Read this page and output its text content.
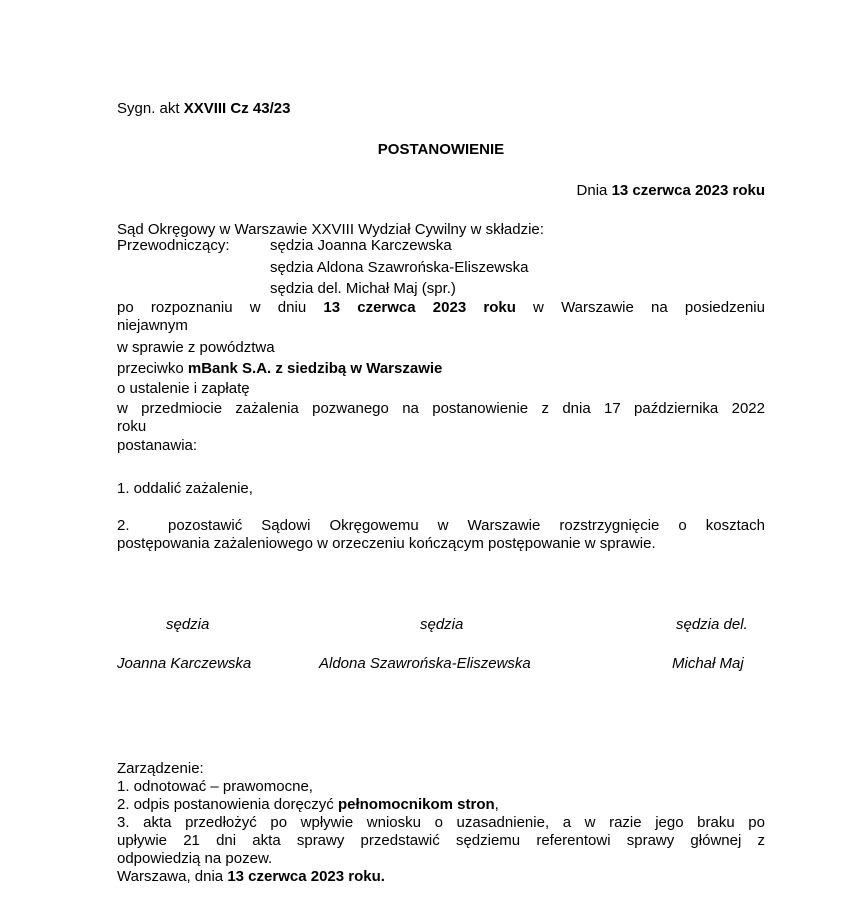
Sygn. akt XXVIII Cz 43/23
POSTANOWIENIE
Dnia 13 czerwca 2023 roku
Sąd Okręgowy w Warszawie XXVIII Wydział Cywilny w składzie:
Przewodniczący:	sędzia Joanna Karczewska
sędzia Aldona Szawrońska-Eliszewska
sędzia del. Michał Maj (spr.)
po rozpoznaniu w dniu 13 czerwca 2023 roku w Warszawie na posiedzeniu
niejawnym
w sprawie z powództwa
przeciwko mBank S.A. z siedzibą w Warszawie
o ustalenie i zapłatę
w przedmiocie zażalenia pozwanego na postanowienie z dnia 17 października 2022
roku
postanawia:
1. oddalić zażalenie,
2.	pozostawić Sądowi Okręgowemu w Warszawie rozstrzygnięcie o kosztach
postępowania zażaleniowego w orzeczeniu kończącym postępowanie w sprawie.
sędzia	sędzia	sędzia del.
Joanna Karczewska	Aldona Szawrońska-Eliszewska	Michał Maj
Zarządzenie:
1. odnotować – prawomocne,
2. odpis postanowienia doręczyć pełnomocnikom stron,
3. akta przedłożyć po wpływie wniosku o uzasadnienie, a w razie jego braku po
upływie 21 dni akta sprawy przedstawić sędziemu referentowi sprawy głównej z
odpowiedzią na pozew.
Warszawa, dnia 13 czerwca 2023 roku.
